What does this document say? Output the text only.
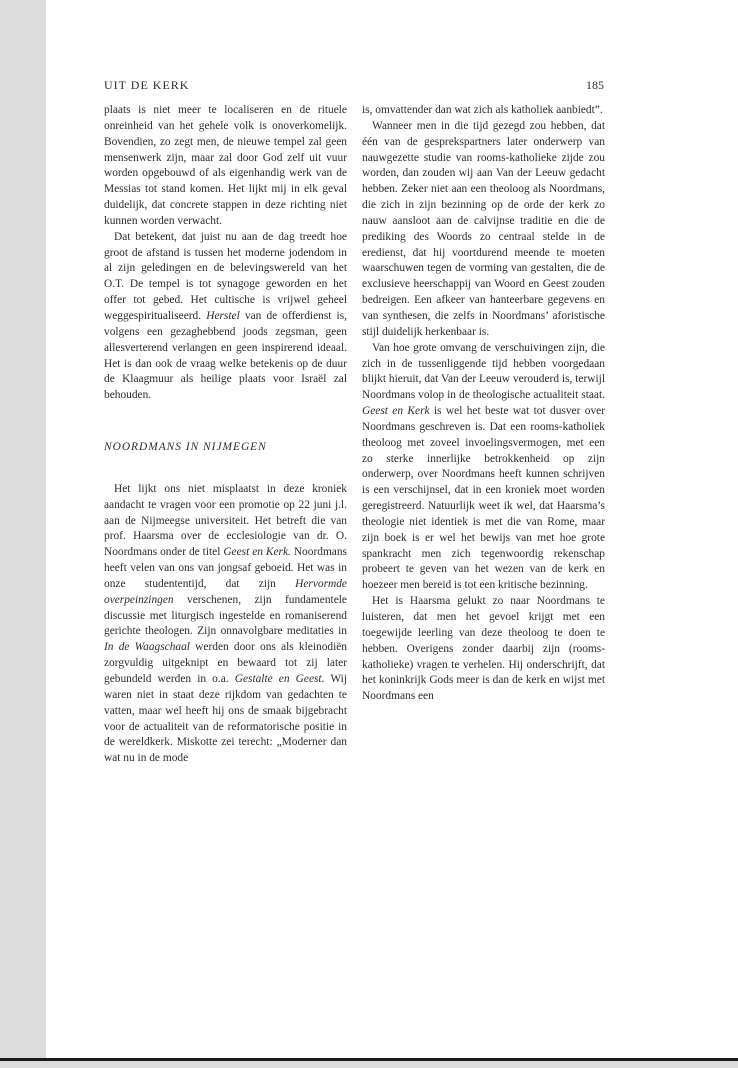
UIT DE KERK	185

plaats is niet meer te localiseren en de rituele onreinheid van het gehele volk is onoverkomelijk. Bovendien, zo zegt men, de nieuwe tempel zal geen mensenwerk zijn, maar zal door God zelf uit vuur worden opgebouwd of als eigenhandig werk van de Messias tot stand komen. Het lijkt mij in elk geval duidelijk, dat concrete stappen in deze richting niet kunnen worden verwacht.

Dat betekent, dat juist nu aan de dag treedt hoe groot de afstand is tussen het moderne jodendom in al zijn geledingen en de belevingswereld van het O.T. De tempel is tot synagoge geworden en het offer tot gebed. Het cultische is vrijwel geheel weggespiritualiseerd. Herstel van de offerdienst is, volgens een gezaghebbend joods zegsman, geen allesverterend verlangen en geen inspirerend ideaal. Het is dan ook de vraag welke betekenis op de duur de Klaagmuur als heilige plaats voor Israël zal behouden.

NOORDMANS IN NIJMEGEN

Het lijkt ons niet misplaatst in deze kroniek aandacht te vragen voor een promotie op 22 juni j.l. aan de Nijmeegse universiteit. Het betreft die van prof. Haarsma over de ecclesiologie van dr. O. Noordmans onder de titel Geest en Kerk. Noordmans heeft velen van ons van jongsaf geboeid. Het was in onze studententijd, dat zijn Hervormde overpeinzingen verschenen, zijn fundamentele discussie met liturgisch ingestelde en romaniserend gerichte theologen. Zijn onnavolgbare meditaties in In de Waagschaal werden door ons als kleinodiën zorgvuldig uitgeknipt en bewaard tot zij later gebundeld werden in o.a. Gestalte en Geest. Wij waren niet in staat deze rijkdom van gedachten te vatten, maar wel heeft hij ons de smaak bijgebracht voor de actualiteit van de reformatorische positie in de wereldkerk. Miskotte zei terecht: „Moderner dan wat nu in de mode

is, omvattender dan wat zich als katholiek aanbiedt”.

Wanneer men in die tijd gezegd zou hebben, dat één van de gesprekspartners later onderwerp van nauwgezette studie van rooms-katholieke zijde zou worden, dan zouden wij aan Van der Leeuw gedacht hebben. Zeker niet aan een theoloog als Noordmans, die zich in zijn bezinning op de orde der kerk zo nauw aansloot aan de calvijnse traditie en die de prediking des Woords zo centraal stelde in de eredienst, dat hij voortdurend meende te moeten waarschuwen tegen de vorming van gestalten, die de exclusieve heerschappij van Woord en Geest zouden bedreigen. Een afkeer van hanteerbare gegevens en van synthesen, die zelfs in Noordmans’ aforistische stijl duidelijk herkenbaar is.

Van hoe grote omvang de verschuivingen zijn, die zich in de tussenliggende tijd hebben voorgedaan blijkt hieruit, dat Van der Leeuw verouderd is, terwijl Noordmans volop in de theologische actualiteit staat. Geest en Kerk is wel het beste wat tot dusver over Noordmans geschreven is. Dat een rooms-katholiek theoloog met zoveel invoelingsvermogen, met een zo sterke innerlijke betrokkenheid op zijn onderwerp, over Noordmans heeft kunnen schrijven is een verschijnsel, dat in een kroniek moet worden geregistreerd. Natuurlijk weet ik wel, dat Haarsma’s theologie niet identiek is met die van Rome, maar zijn boek is er wel het bewijs van met hoe grote spankracht men zich tegenwoordig rekenschap probeert te geven van het wezen van de kerk en hoezeer men bereid is tot een kritische bezinning.

Het is Haarsma gelukt zo naar Noordmans te luisteren, dat men het gevoel krijgt met een toegewijde leerling van deze theoloog te doen te hebben. Overigens zonder daarbij zijn (rooms-katholieke) vragen te verhelen. Hij onderschrijft, dat het koninkrijk Gods meer is dan de kerk en wijst met Noordmans een
